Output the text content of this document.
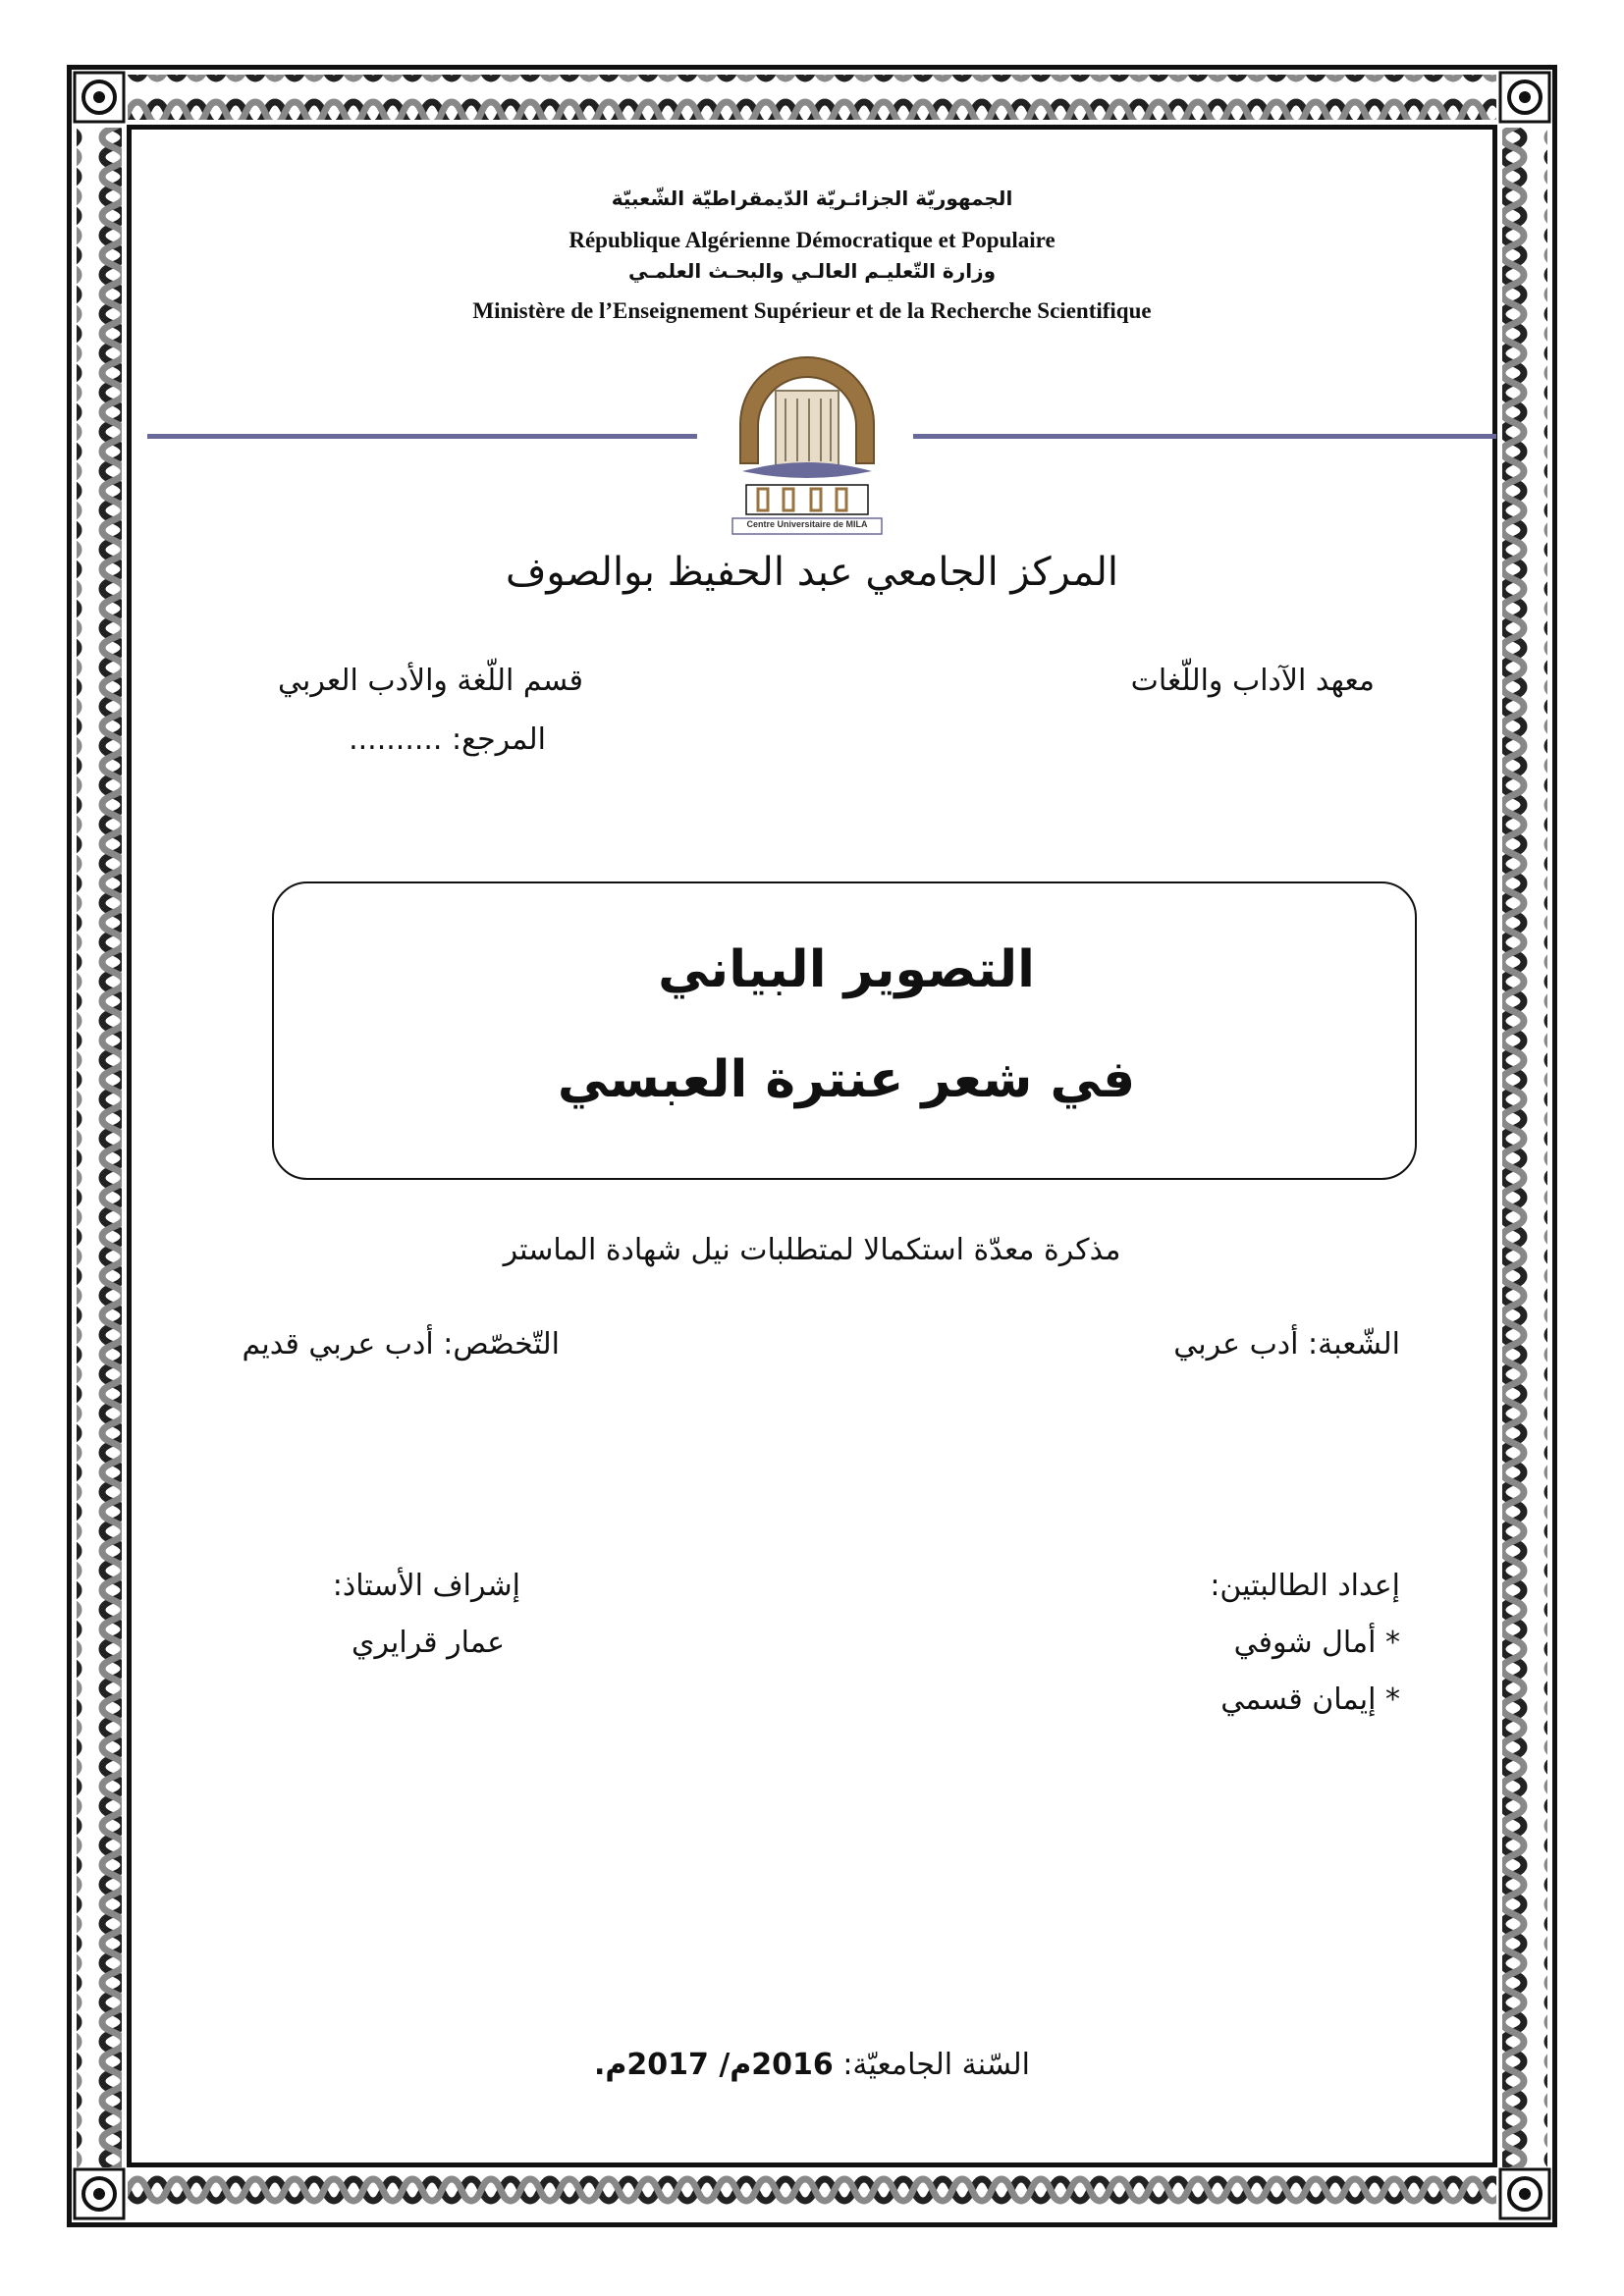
الجمهوريّة الجزائـريّة الدّيمقراطيّة الشّعبيّة
République Algérienne Démocratique et Populaire
وزارة التّعليـم العالـي والبحـث العلمـي
Ministère de l’Enseignement Supérieur et de la Recherche Scientifique
Centre Universitaire de MILA
المركز الجامعي عبد الحفيظ بوالصوف
معهد الآداب واللّغات
قسم اللّغة والأدب العربي
المرجع: ..........
التصوير البياني
في شعر عنترة العبسي
مذكرة معدّة استكمالا لمتطلبات نيل شهادة الماستر
الشّعبة: أدب عربي
التّخصّص: أدب عربي قديم
إعداد الطالبتين:
* أمال شوفي
* إيمان قسمي
إشراف الأستاذ:
عمار قرايري
السّنة الجامعيّة: 2016م/ 2017م.
